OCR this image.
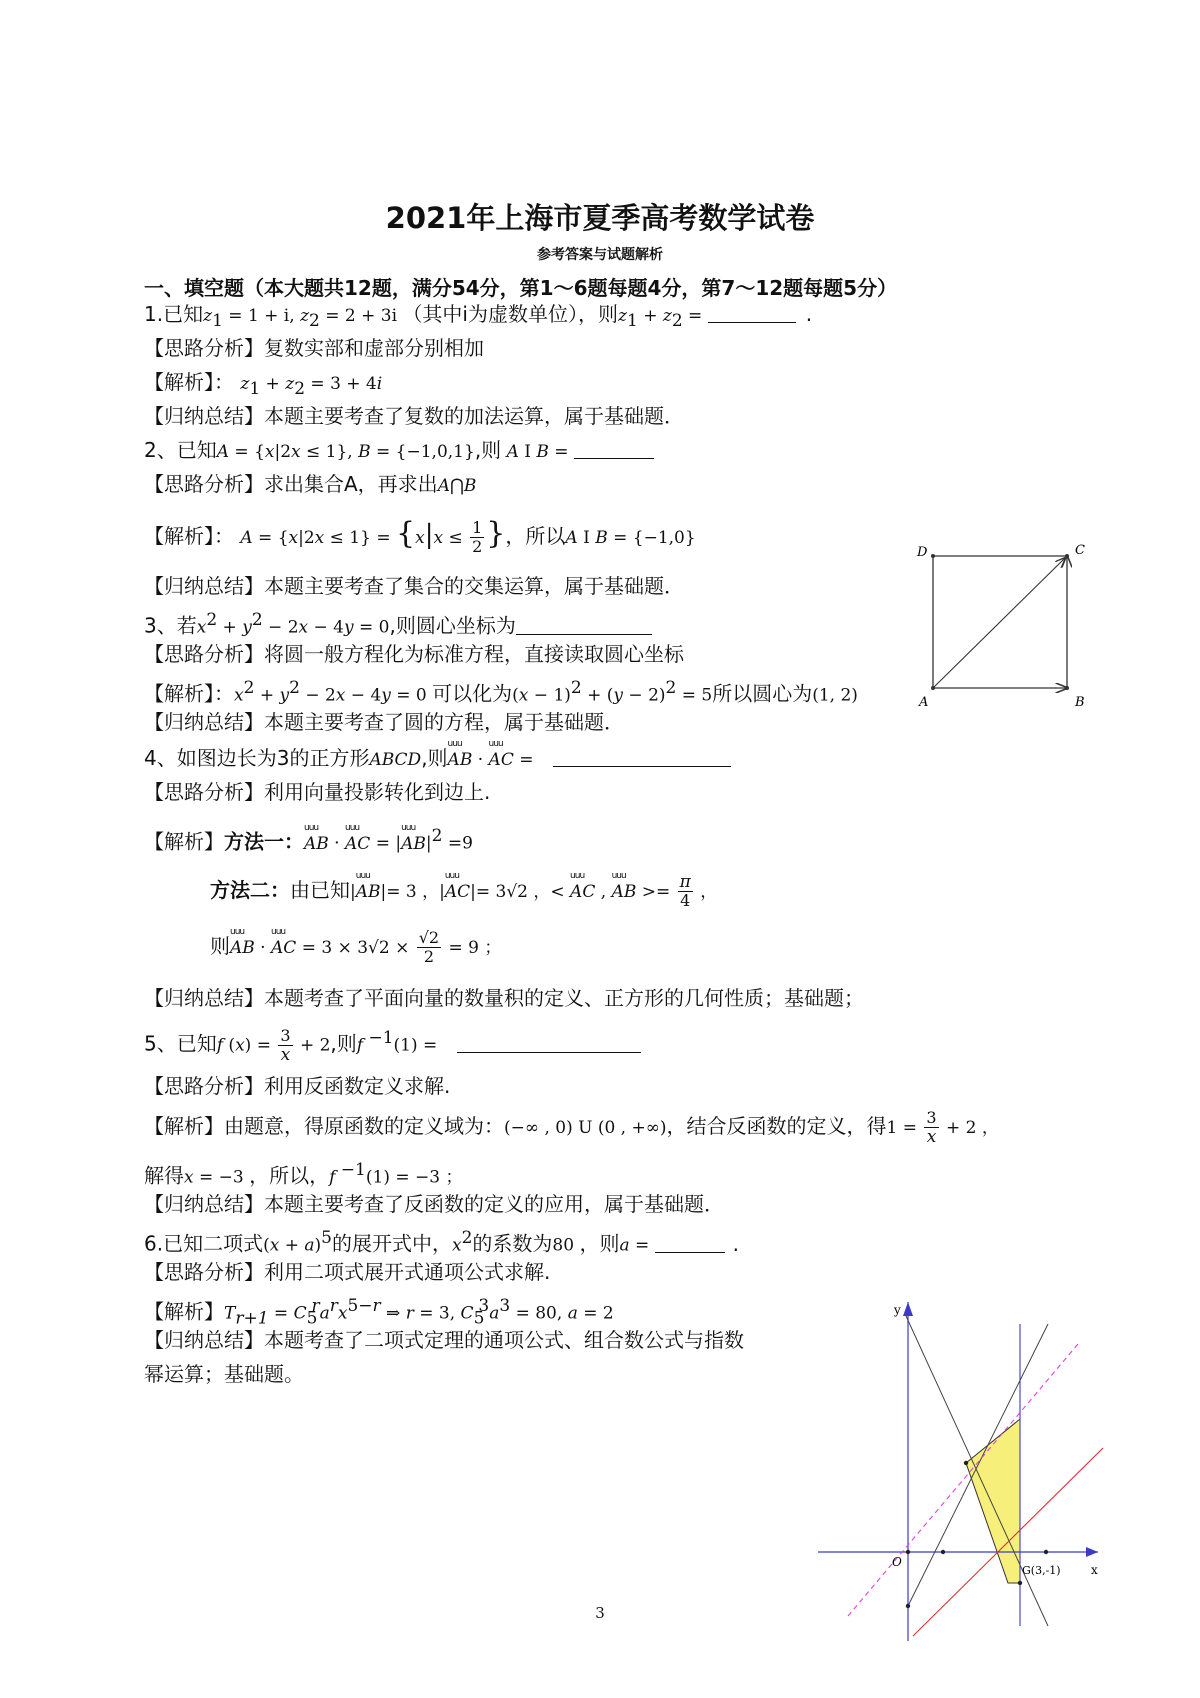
2021年上海市夏季高考数学试卷
参考答案与试题解析
一、填空题（本大题共12题，满分54分，第1～6题每题4分，第7～12题每题5分）
1.已知$z_1 = 1 + i$, $z_2 = 2 + 3i$ （其中i为虚数单位），则$z_1 + z_2$ =	.
【思路分析】复数实部和虚部分别相加
【解析】： $z_1 + z_2 = 3 + 4i$
【归纳总结】本题主要考查了复数的加法运算，属于基础题．
2、已知A = {x|2x ≤ 1}, B = {−1,0,1},则 A I B =
【思路分析】求出集合A，再求出A⋂B
【解析】： $A = \{x|2x \le 1\} = \{x|x \le \frac{1}{2}$ }，所以A I B = {−1,0}
【归纳总结】本题主要考查了集合的交集运算，属于基础题．
3、若$x^2 + y^2 - 2x - 4y = 0$,则圆心坐标为
【思路分析】将圆一般方程化为标准方程，直接读取圆心坐标
【解析】：$x^2 + y^2 - 2x - 4y = 0$ 可以化为$(x - 1)^2 + (y - 2)^2 = 5$所以圆心为(1, 2)
【归纳总结】本题主要考查了圆的方程，属于基础题．
4、如图边长为3的正方形ABCD,则
uuu
AB ·
uuu
AC =
【思路分析】利用向量投影转化到边上.
【解析】方法一：
uuu
AB ·
uuu
AC = |
uuu
$AB|^2 =9$
方法二：由已知|
uuu
AB|= 3 ，|
uuu
AC|= 3√2 ，<
uuu
AC ,
uuu
AB >= $\frac{\pi}{4}$ ，
则
uuu
AB ·
uuu
AC = $3 \times 3√2 \times \frac{√2}{2} = 9$ ；
【归纳总结】本题考查了平面向量的数量积的定义、正方形的几何性质；基础题；
5、已知f $(x) = \frac{3}{x} + 2$,则f $^{-1}$(1) =
【思路分析】利用反函数定义求解.
【解析】由题意，得原函数的定义域为：(−∞ , 0) U (0 , +∞)，结合反函数的定义，得$1 = \frac{3}{x} + 2$ ，
解得x = −3 ，所以，f $^{-1}$(1) = −3 ；
【归纳总结】本题主要考查了反函数的定义的应用，属于基础题．
6.已知二项式$(x + a)^5$的展开式中，$x^2$的系数为80 ，则a =	.
【思路分析】利用二项式展开式通项公式求解.
【解析】$T_{r+1} = C_5^ra^rx^{5-r}$ ⇒ r = 3, $C_5^3a^3 = 80$, a = 2
【归纳总结】本题考查了二项式定理的通项公式、组合数公式与指数
幂运算；基础题。
D	C
A	B
y
x
O
G(3,-1)
3
